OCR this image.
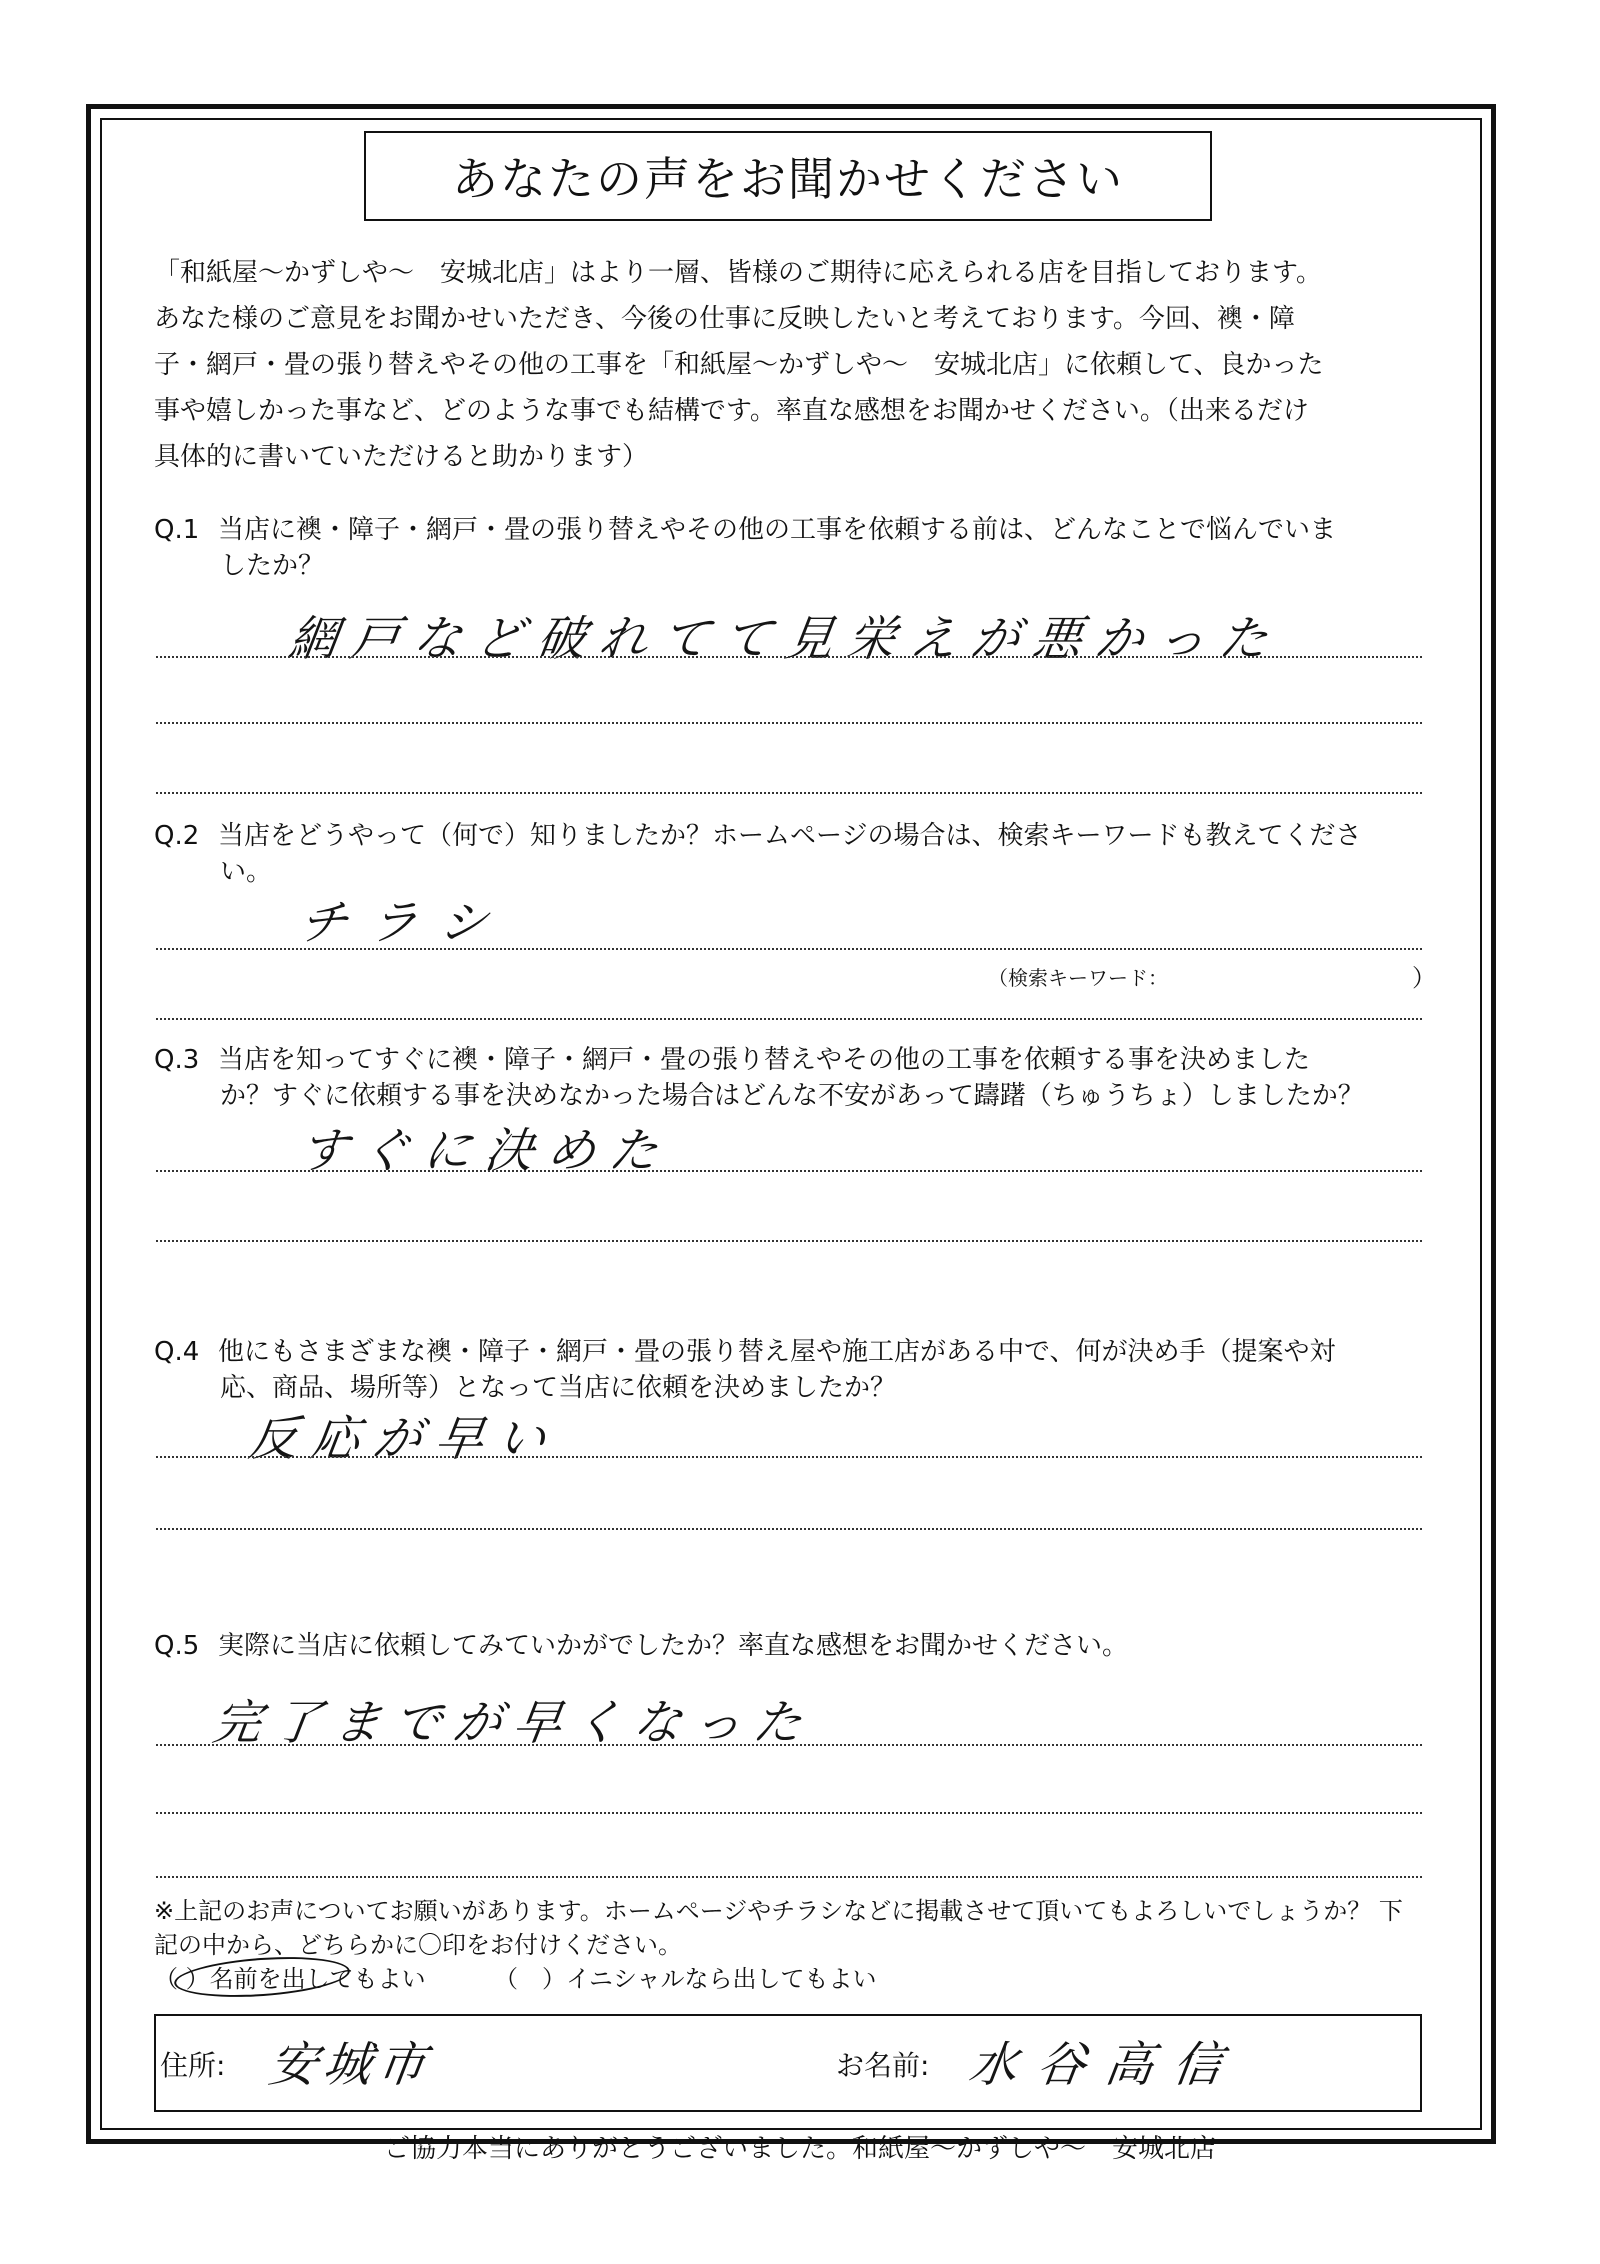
あなたの声をお聞かせください
「和紙屋～かずしや～　安城北店」はより一層、皆様のご期待に応えられる店を目指しております。
あなた様のご意見をお聞かせいただき、今後の仕事に反映したいと考えております。今回、襖・障
子・網戸・畳の張り替えやその他の工事を「和紙屋～かずしや～　安城北店」に依頼して、良かった
事や嬉しかった事など、どのような事でも結構です。率直な感想をお聞かせください。（出来るだけ
具体的に書いていただけると助かります）
Q.1 当店に襖・障子・網戸・畳の張り替えやその他の工事を依頼する前は、どんなことで悩んでいま
したか？
網戸など破れてて見栄えが悪かった
Q.2 当店をどうやって（何で）知りましたか？ホームページの場合は、検索キーワードも教えてくださ
い。
チラシ
（検索キーワード：	）
Q.3 当店を知ってすぐに襖・障子・網戸・畳の張り替えやその他の工事を依頼する事を決めました
か？すぐに依頼する事を決めなかった場合はどんな不安があって躊躇（ちゅうちょ）しましたか？
すぐに決めた
Q.4 他にもさまざまな襖・障子・網戸・畳の張り替え屋や施工店がある中で、何が決め手（提案や対
応、商品、場所等）となって当店に依頼を決めましたか？
反応が早い
Q.5 実際に当店に依頼してみていかがでしたか？率直な感想をお聞かせください。
完了までが早くなった
※上記のお声についてお願いがあります。ホームページやチラシなどに掲載させて頂いてもよろしいでしょうか？ 下
記の中から、どちらかに〇印をお付けください。
（ ）名前を出してもよい	（　）イニシャルなら出してもよい
住所: 安城市	お名前: 水谷高信
ご協力本当にありがとうございました。和紙屋～かずしや～　安城北店
